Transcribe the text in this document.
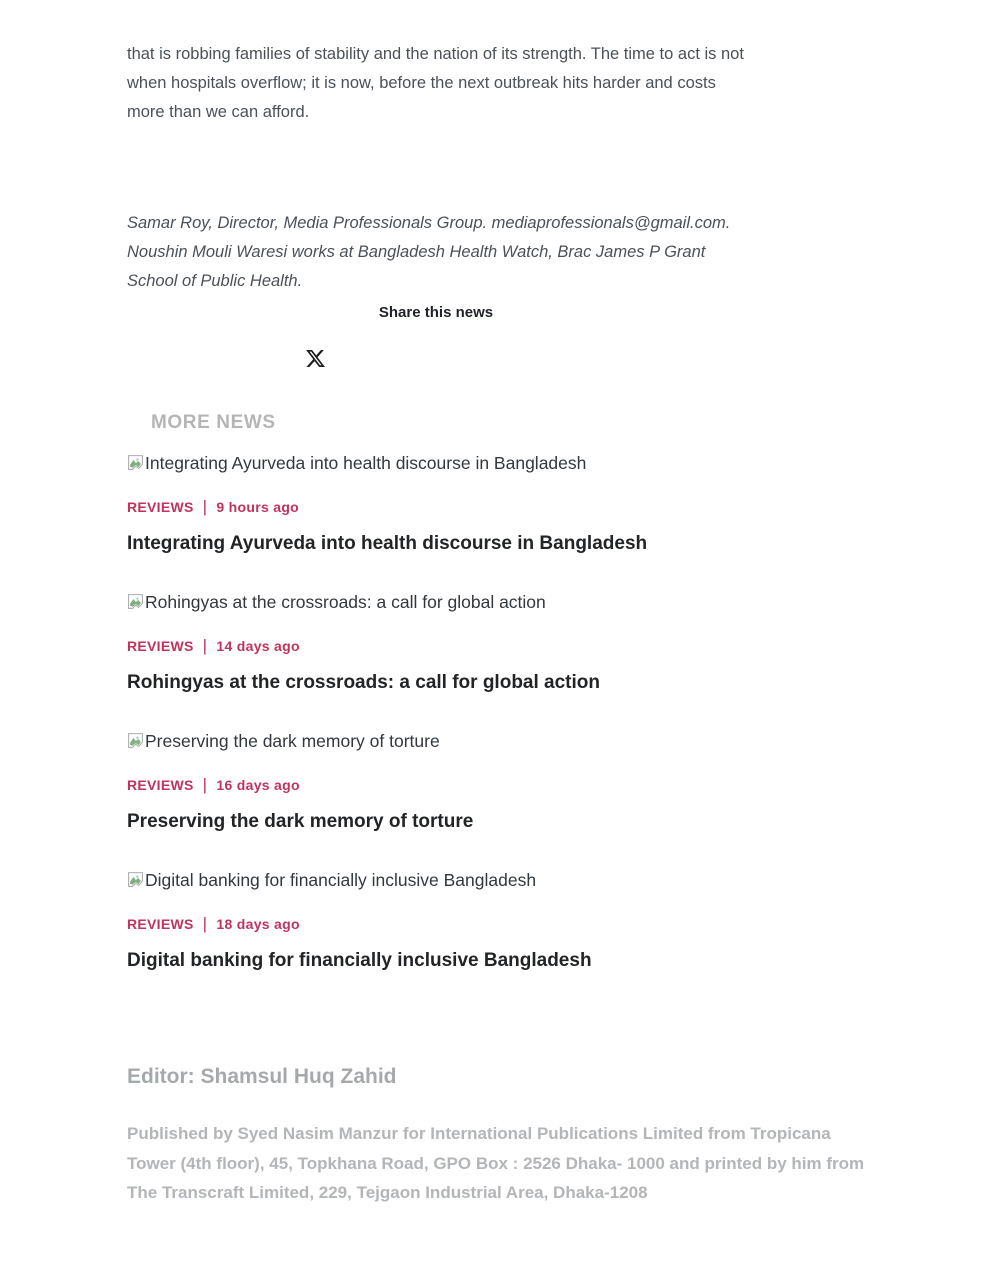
that is robbing families of stability and the nation of its strength. The time to act is not when hospitals overflow; it is now, before the next outbreak hits harder and costs more than we can afford.

Samar Roy, Director, Media Professionals Group. mediaprofessionals@gmail.com. Noushin Mouli Waresi works at Bangladesh Health Watch, Brac James P Grant School of Public Health.

Share this news
MORE NEWS
Integrating Ayurveda into health discourse in Bangladesh
REVIEWS | 9 hours ago
Integrating Ayurveda into health discourse in Bangladesh
Rohingyas at the crossroads: a call for global action
REVIEWS | 14 days ago
Rohingyas at the crossroads: a call for global action
Preserving the dark memory of torture
REVIEWS | 16 days ago
Preserving the dark memory of torture
Digital banking for financially inclusive Bangladesh
REVIEWS | 18 days ago
Digital banking for financially inclusive Bangladesh
Editor: Shamsul Huq Zahid

Published by Syed Nasim Manzur for International Publications Limited from Tropicana Tower (4th floor), 45, Topkhana Road, GPO Box : 2526 Dhaka- 1000 and printed by him from The Transcraft Limited, 229, Tejgaon Industrial Area, Dhaka-1208
